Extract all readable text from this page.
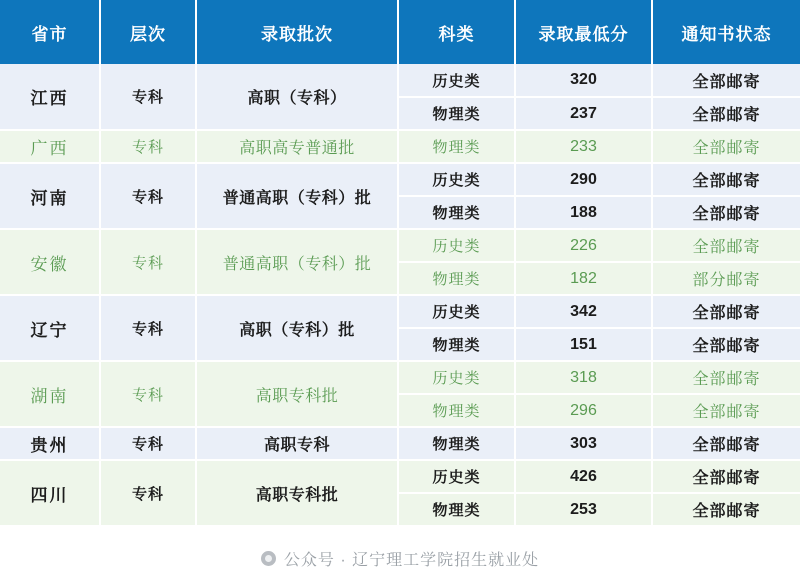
省市	层次	录取批次	科类	录取最低分	通知书状态
江西	专科	高职（专科）	历史类	320	全部邮寄
			物理类	237	全部邮寄
广西	专科	高职高专普通批	物理类	233	全部邮寄
河南	专科	普通高职（专科）批	历史类	290	全部邮寄
			物理类	188	全部邮寄
安徽	专科	普通高职（专科）批	历史类	226	全部邮寄
			物理类	182	部分邮寄
辽宁	专科	高职（专科）批	历史类	342	全部邮寄
			物理类	151	全部邮寄
湖南	专科	高职专科批	历史类	318	全部邮寄
			物理类	296	全部邮寄
贵州	专科	高职专科	物理类	303	全部邮寄
四川	专科	高职专科批	历史类	426	全部邮寄
			物理类	253	全部邮寄
公众号 · 辽宁理工学院招生就业处
